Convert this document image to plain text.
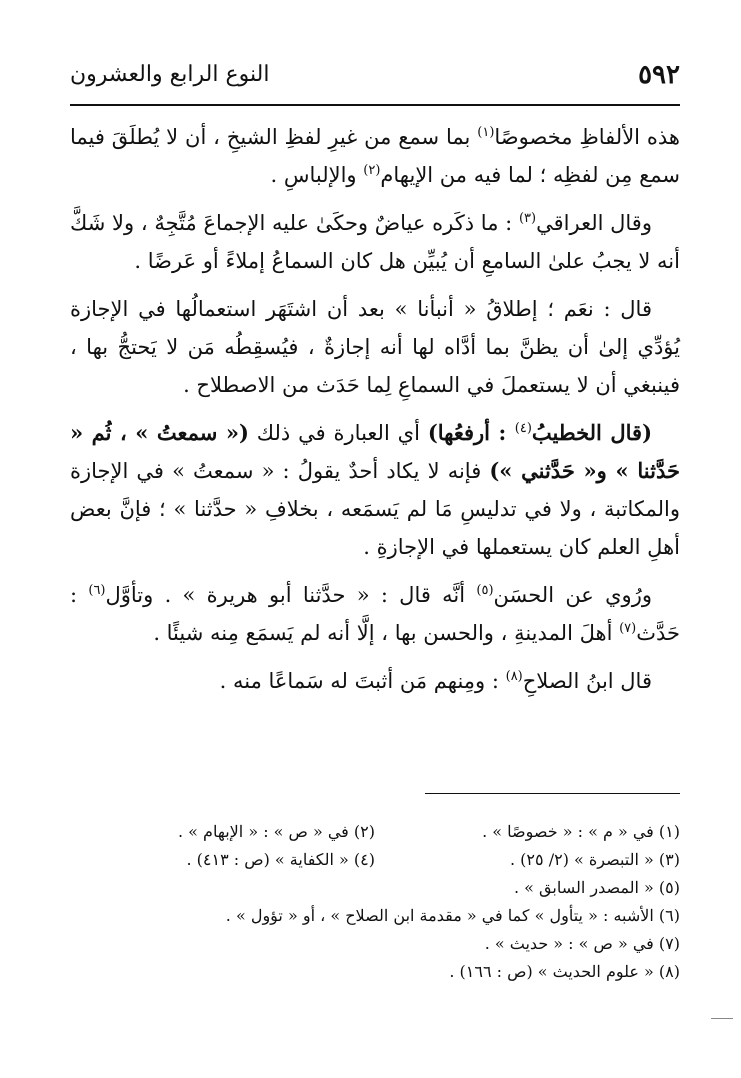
٥٩٢
النوع الرابع والعشرون

هذه الألفاظِ مخصوصًا$^{(١)}$ بما سمع من غيرِ لفظِ الشيخِ ، أن لا يُطلَقَ فيما سمع مِن لفظِه ؛ لما فيه من الإيهام$^{(٢)}$ والإلباسِ .

وقال العراقي$^{(٣)}$ : ما ذكَره عياضٌ وحكَىٰ عليه الإجماعَ مُتَّجِهٌ ، ولا شَكَّ أنه لا يجبُ علىٰ السامعِ أن يُبيِّن هل كان السماعُ إملاءً أو عَرضًا .

قال : نعَم ؛ إطلاقُ « أنبأنا » بعد أن اشتَهَر استعمالُها في الإجازة يُؤدِّي إلىٰ أن يظنَّ بما أدَّاه لها أنه إجازةٌ ، فيُسقِطُه مَن لا يَحتجُّ بها ، فينبغي أن لا يستعملَ في السماعِ لِما حَدَث من الاصطلاح .

(قال الخطيبُ$^{(٤)}$ : أرفعُها) أي العبارة في ذلك (« سمعتُ » ، ثُم « حَدَّثنا » و« حَدَّثني ») فإنه لا يكاد أحدٌ يقولُ : « سمعتُ » في الإجازة والمكاتبة ، ولا في تدليسِ مَا لم يَسمَعه ، بخلافِ « حدَّثنا » ؛ فإنَّ بعض أهلِ العلم كان يستعملها في الإجازةِ .

ورُوي عن الحسَن$^{(٥)}$ أنَّه قال : « حدَّثنا أبو هريرة » . وتأوَّل$^{(٦)}$ : حَدَّث$^{(٧)}$ أهلَ المدينةِ ، والحسن بها ، إلَّا أنه لم يَسمَع مِنه شيئًا .

قال ابنُ الصلاحِ$^{(٨)}$ : ومِنهم مَن أثبتَ له سَماعًا منه .

(١) في « م » : « خصوصًا » .
(٢) في « ص » : « الإبهام » .
(٣) « التبصرة » (٢/ ٢٥) .
(٤) « الكفاية » (ص : ٤١٣) .
(٥) « المصدر السابق » .
(٦) الأشبه : « يتأول » كما في « مقدمة ابن الصلاح » ، أو « تؤول » .
(٧) في « ص » : « حديث » .
(٨) « علوم الحديث » (ص : ١٦٦) .
